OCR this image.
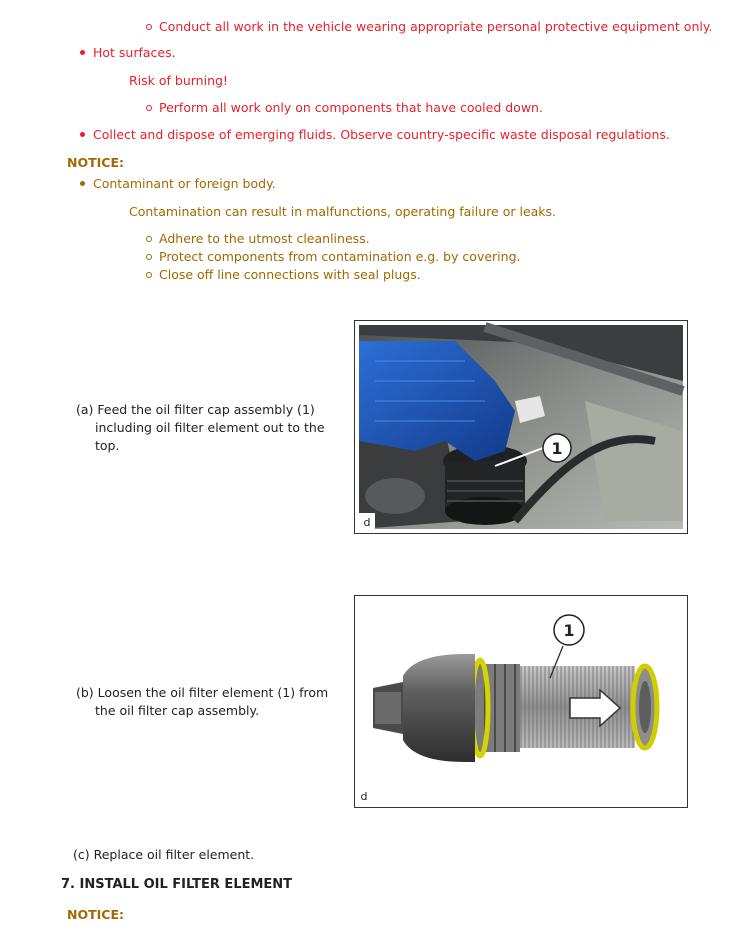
Conduct all work in the vehicle wearing appropriate personal protective equipment only.
Hot surfaces.
Risk of burning!
Perform all work only on components that have cooled down.
Collect and dispose of emerging fluids. Observe country-specific waste disposal regulations.
NOTICE:
Contaminant or foreign body.
Contamination can result in malfunctions, operating failure or leaks.
Adhere to the utmost cleanliness.
Protect components from contamination e.g. by covering.
Close off line connections with seal plugs.
(a) Feed the oil filter cap assembly (1)
including oil filter element out to the
top.	1
d
(b) Loosen the oil filter element (1) from
the oil filter cap assembly.
1
d
(c) Replace oil filter element.
7. INSTALL OIL FILTER ELEMENT
NOTICE:
